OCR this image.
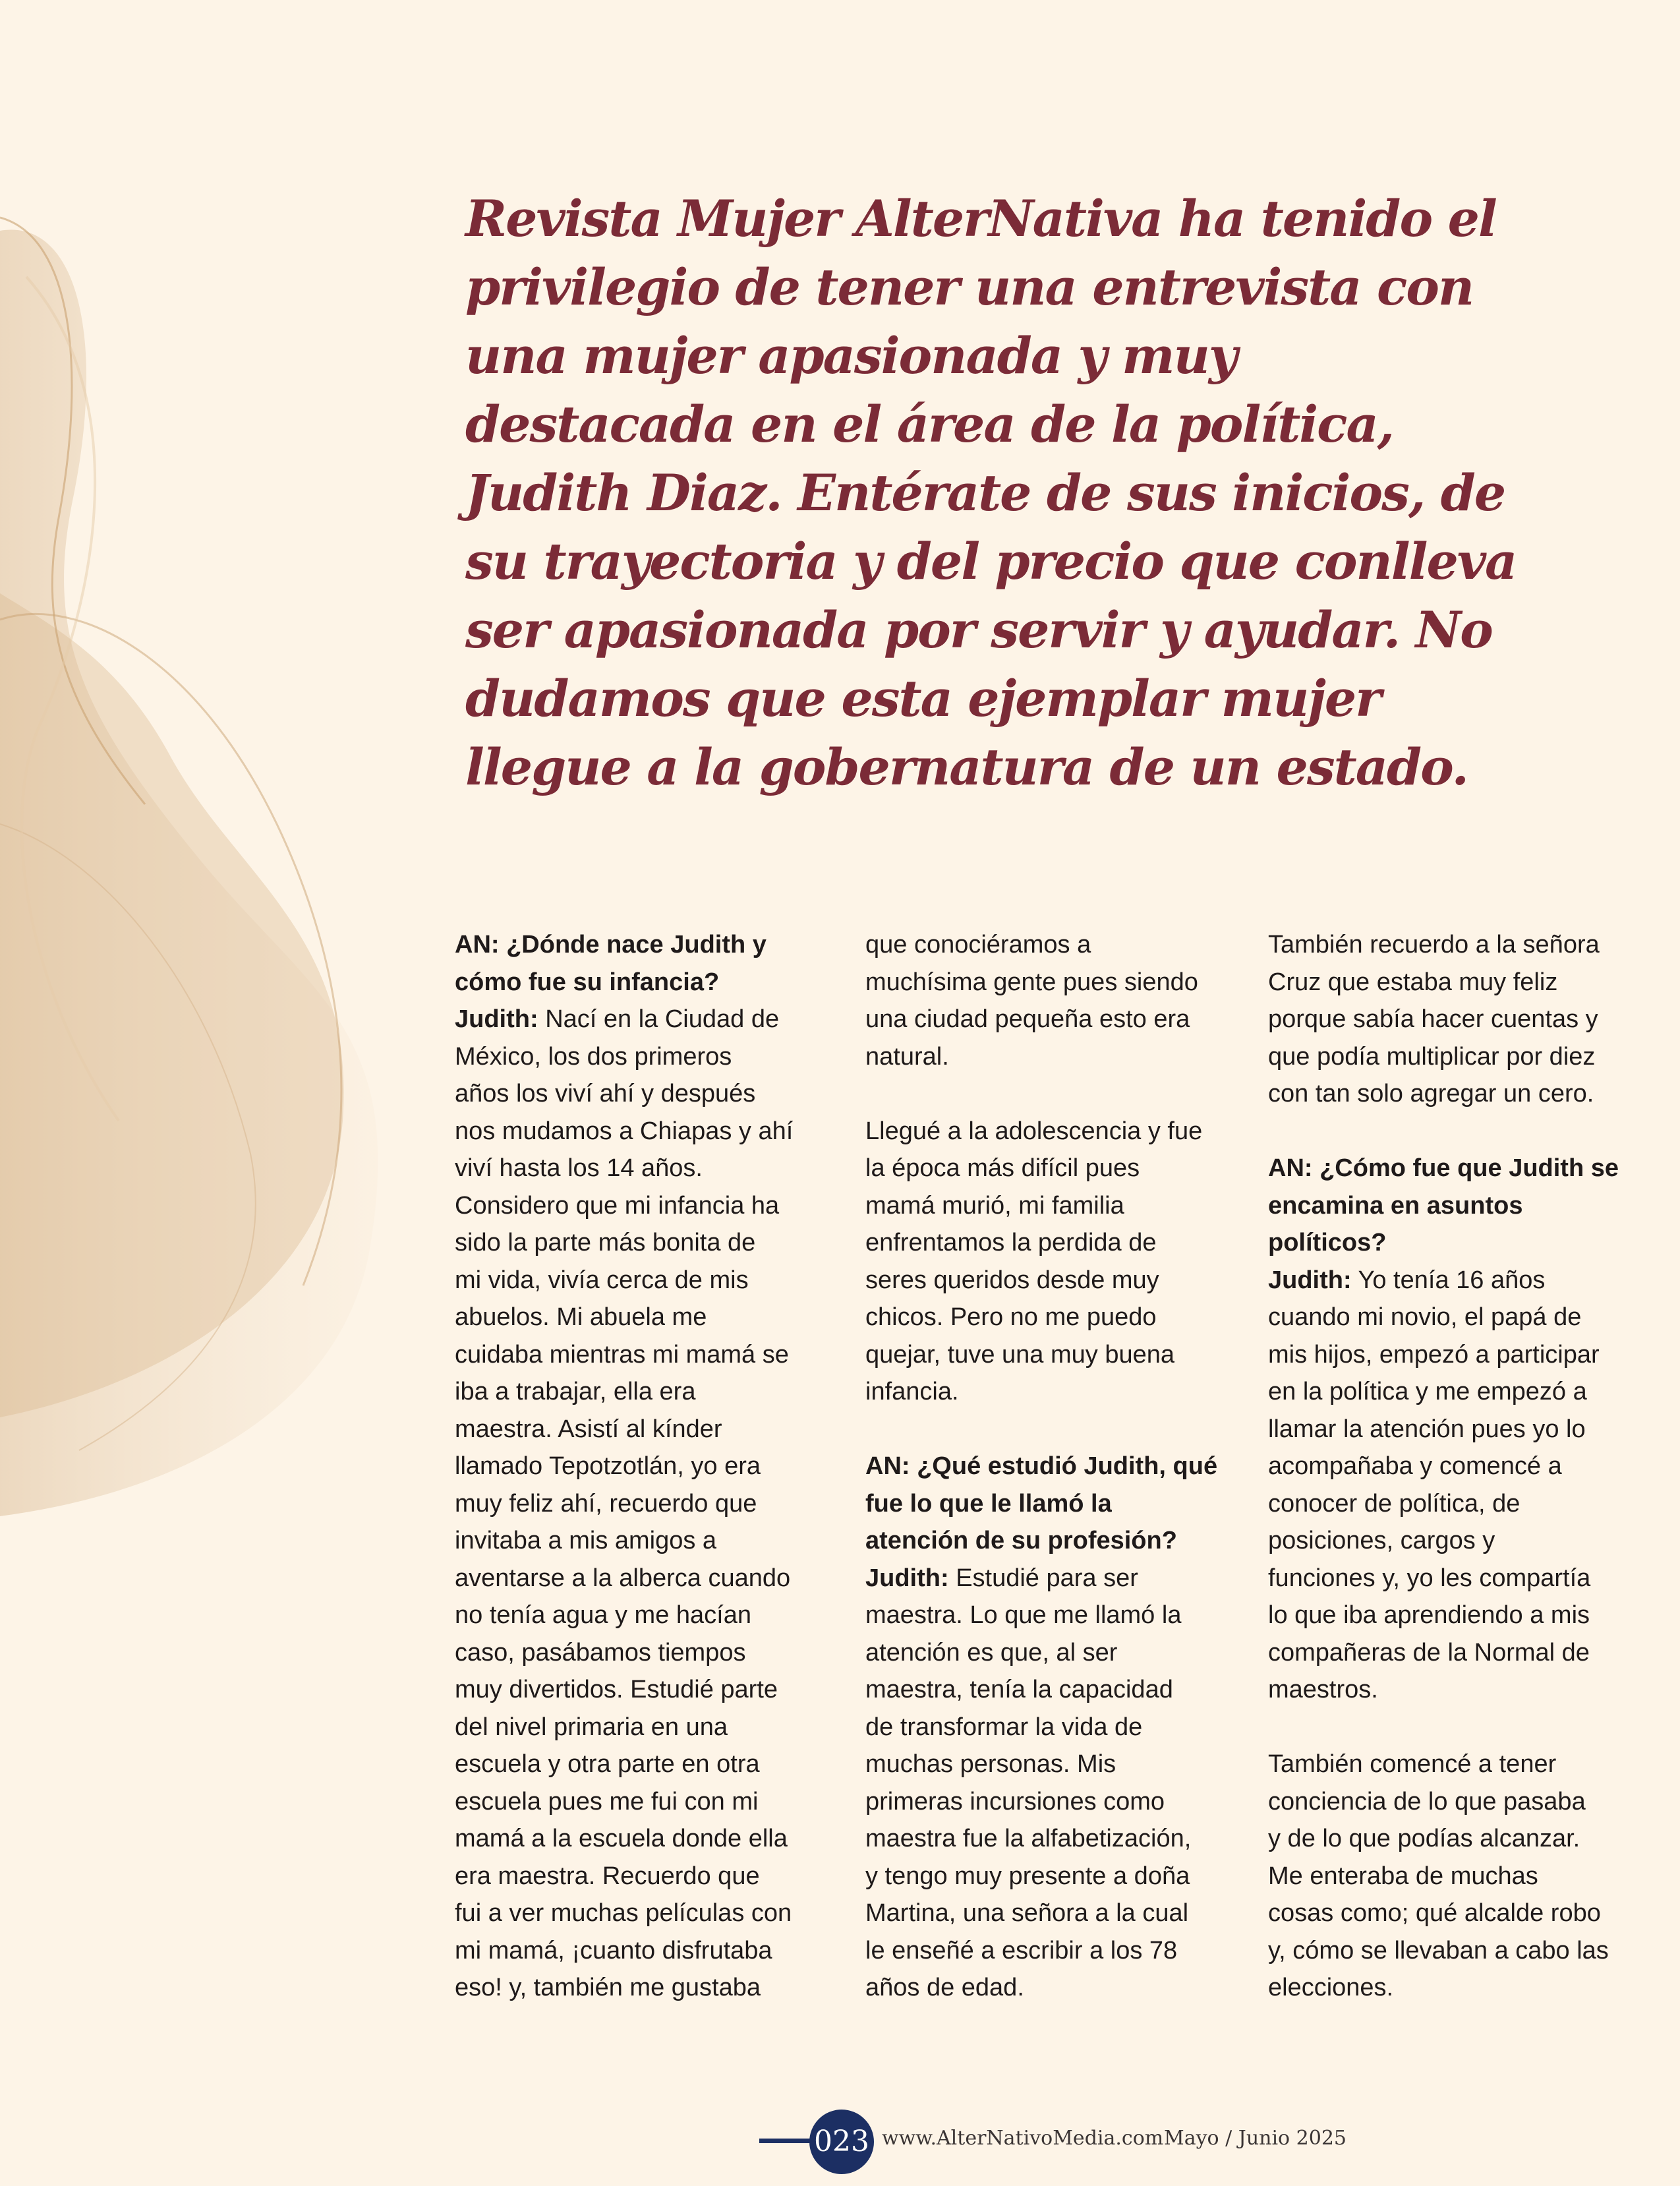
Revista Mujer AlterNativa ha tenido el
privilegio de tener una entrevista con
una mujer apasionada y muy
destacada en el área de la política,
Judith Diaz. Entérate de sus inicios, de
su trayectoria y del precio que conlleva
ser apasionada por servir y ayudar. No
dudamos que esta ejemplar mujer
llegue a la gobernatura de un estado.
AN: ¿Dónde nace Judith y
cómo fue su infancia?
Judith: Nací en la Ciudad de
México, los dos primeros
años los viví ahí y después
nos mudamos a Chiapas y ahí
viví hasta los 14 años.
Considero que mi infancia ha
sido la parte más bonita de
mi vida, vivía cerca de mis
abuelos. Mi abuela me
cuidaba mientras mi mamá se
iba a trabajar, ella era
maestra. Asistí al kínder
llamado Tepotzotlán, yo era
muy feliz ahí, recuerdo que
invitaba a mis amigos a
aventarse a la alberca cuando
no tenía agua y me hacían
caso, pasábamos tiempos
muy divertidos. Estudié parte
del nivel primaria en una
escuela y otra parte en otra
escuela pues me fui con mi
mamá a la escuela donde ella
era maestra. Recuerdo que
fui a ver muchas películas con
mi mamá, ¡cuanto disfrutaba
eso! y, también me gustaba
que conociéramos a
muchísima gente pues siendo
una ciudad pequeña esto era
natural.
Llegué a la adolescencia y fue
la época más difícil pues
mamá murió, mi familia
enfrentamos la perdida de
seres queridos desde muy
chicos. Pero no me puedo
quejar, tuve una muy buena
infancia.
AN: ¿Qué estudió Judith, qué
fue lo que le llamó la
atención de su profesión?
Judith: Estudié para ser
maestra. Lo que me llamó la
atención es que, al ser
maestra, tenía la capacidad
de transformar la vida de
muchas personas. Mis
primeras incursiones como
maestra fue la alfabetización,
y tengo muy presente a doña
Martina, una señora a la cual
le enseñé a escribir a los 78
años de edad.
También recuerdo a la señora
Cruz que estaba muy feliz
porque sabía hacer cuentas y
que podía multiplicar por diez
con tan solo agregar un cero.
AN: ¿Cómo fue que Judith se
encamina en asuntos
políticos?
Judith: Yo tenía 16 años
cuando mi novio, el papá de
mis hijos, empezó a participar
en la política y me empezó a
llamar la atención pues yo lo
acompañaba y comencé a
conocer de política, de
posiciones, cargos y
funciones y, yo les compartía
lo que iba aprendiendo a mis
compañeras de la Normal de
maestros.
También comencé a tener
conciencia de lo que pasaba
y de lo que podías alcanzar.
Me enteraba de muchas
cosas como; qué alcalde robo
y, cómo se llevaban a cabo las
elecciones.
023 www.AlterNativoMedia.com Mayo / Junio 2025
